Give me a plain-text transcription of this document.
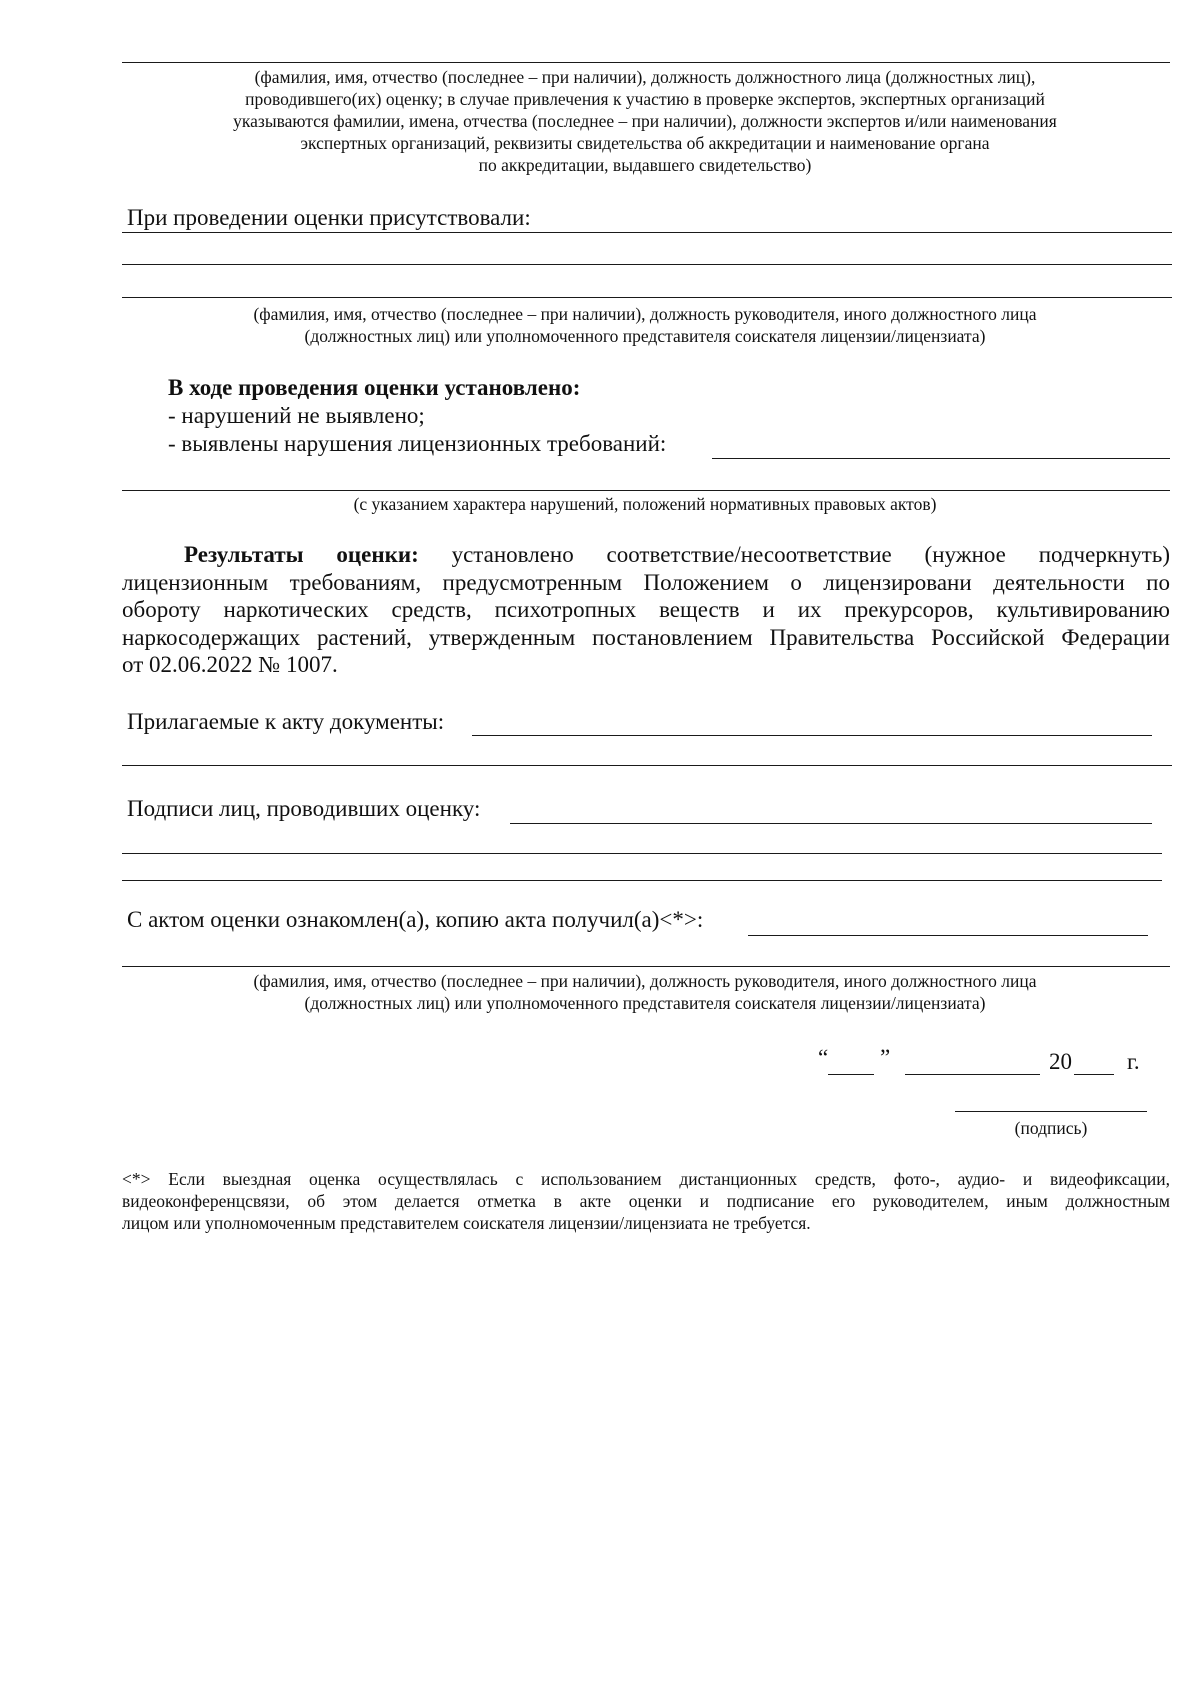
(фамилия, имя, отчество (последнее – при наличии), должность должностного лица (должностных лиц),
проводившего(их) оценку; в случае привлечения к участию в проверке экспертов, экспертных организаций
указываются фамилии, имена, отчества (последнее – при наличии), должности экспертов и/или наименования
экспертных организаций, реквизиты свидетельства об аккредитации и наименование органа
по аккредитации, выдавшего свидетельство)
При проведении оценки присутствовали:
(фамилия, имя, отчество (последнее – при наличии), должность руководителя, иного должностного лица
(должностных лиц) или уполномоченного представителя соискателя лицензии/лицензиата)
В ходе проведения оценки установлено:
- нарушений не выявлено;
- выявлены нарушения лицензионных требований:
(с указанием характера нарушений, положений нормативных правовых актов)
Результаты оценки: установлено соответствие/несоответствие (нужное подчеркнуть)
лицензионным требованиям, предусмотренным Положением о лицензировани деятельности по
обороту наркотических средств, психотропных веществ и их прекурсоров, культивированию
наркосодержащих растений, утвержденным постановлением Правительства Российской Федерации
от 02.06.2022 № 1007.
Прилагаемые к акту документы:
Подписи лиц, проводивших оценку:
С актом оценки ознакомлен(а), копию акта получил(а)<*>:
(фамилия, имя, отчество (последнее – при наличии), должность руководителя, иного должностного лица
(должностных лиц) или уполномоченного представителя соискателя лицензии/лицензиата)
“ ”	20 г.
(подпись)
<*> Если выездная оценка осуществлялась с использованием дистанционных средств, фото-, аудио- и видеофиксации,
видеоконференцсвязи, об этом делается отметка в акте оценки и подписание его руководителем, иным должностным
лицом или уполномоченным представителем соискателя лицензии/лицензиата не требуется.
